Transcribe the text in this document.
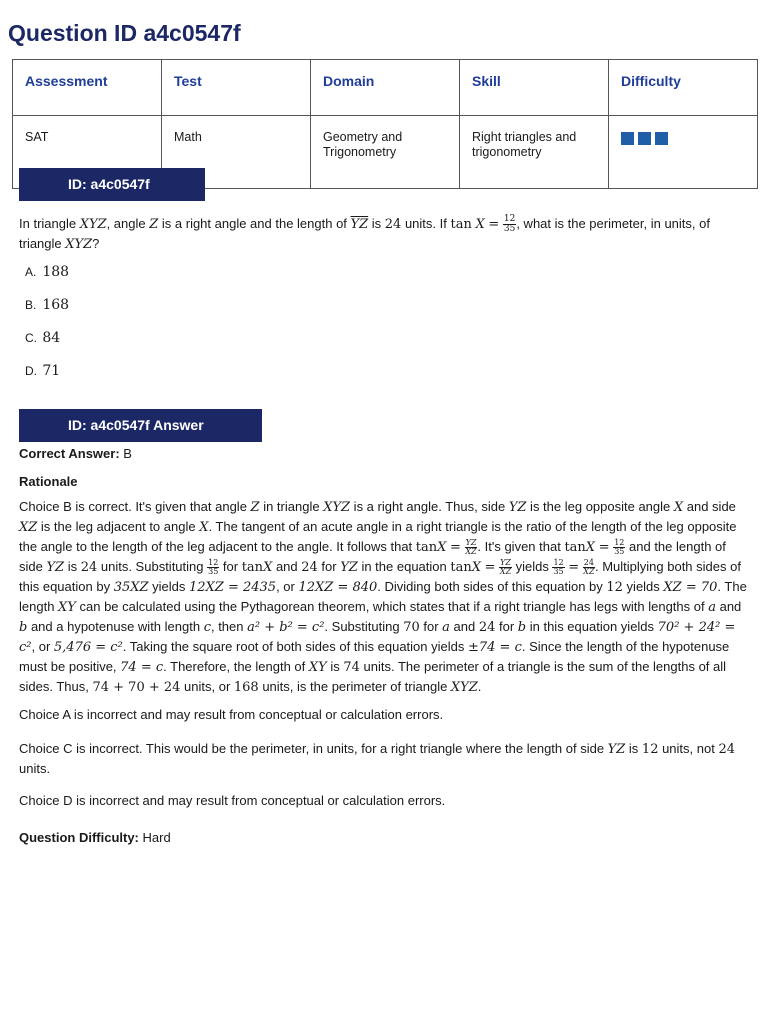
Question ID a4c0547f
Assessment	Test	Domain	Skill	Difficulty
SAT	Math	Geometry and Trigonometry	Right triangles and trigonometry	
ID: a4c0547f
In triangle XYZ, angle Z is a right angle and the length of $\overline{YZ}$ is 24 units. If $\tan X = \frac{12}{35}$ , what is the perimeter, in units, of triangle XYZ?
A. 188
B. 168
C. 84
D. 71
ID: a4c0547f Answer
Correct Answer: B
Rationale
Choice B is correct. It's given that angle Z in triangle XYZ is a right angle. Thus, side YZ is the leg opposite angle X and side XZ is the leg adjacent to angle X. The tangent of an acute angle in a right triangle is the ratio of the length of the leg opposite the angle to the length of the leg adjacent to the angle. It follows that $\tan X = \frac{YZ}{XZ}$ . It's given that $\tan X = \frac{12}{35}$ and the length of side YZ is 24 units. Substituting $\frac{12}{35}$ for tanX and 24 for YZ in the equation $\tan X = \frac{YZ}{XZ}$ yields $\frac{12}{35} = \frac{24}{XZ}$ . Multiplying both sides of this equation by 35XZ yields 12XZ = 2435, or 12XZ = 840. Dividing both sides of this equation by 12 yields XZ = 70. The length XY can be calculated using the Pythagorean theorem, which states that if a right triangle has legs with lengths of a and b and a hypotenuse with length c, then a² + b² = c². Substituting 70 for a and 24 for b in this equation yields 70² + 24² = c², or 5,476 = c². Taking the square root of both sides of this equation yields ±74 = c. Since the length of the hypotenuse must be positive, 74 = c. Therefore, the length of XY is 74 units. The perimeter of a triangle is the sum of the lengths of all sides. Thus, 74 + 70 + 24 units, or 168 units, is the perimeter of triangle XYZ.
Choice A is incorrect and may result from conceptual or calculation errors.
Choice C is incorrect. This would be the perimeter, in units, for a right triangle where the length of side YZ is 12 units, not 24 units.
Choice D is incorrect and may result from conceptual or calculation errors.
Question Difficulty: Hard
